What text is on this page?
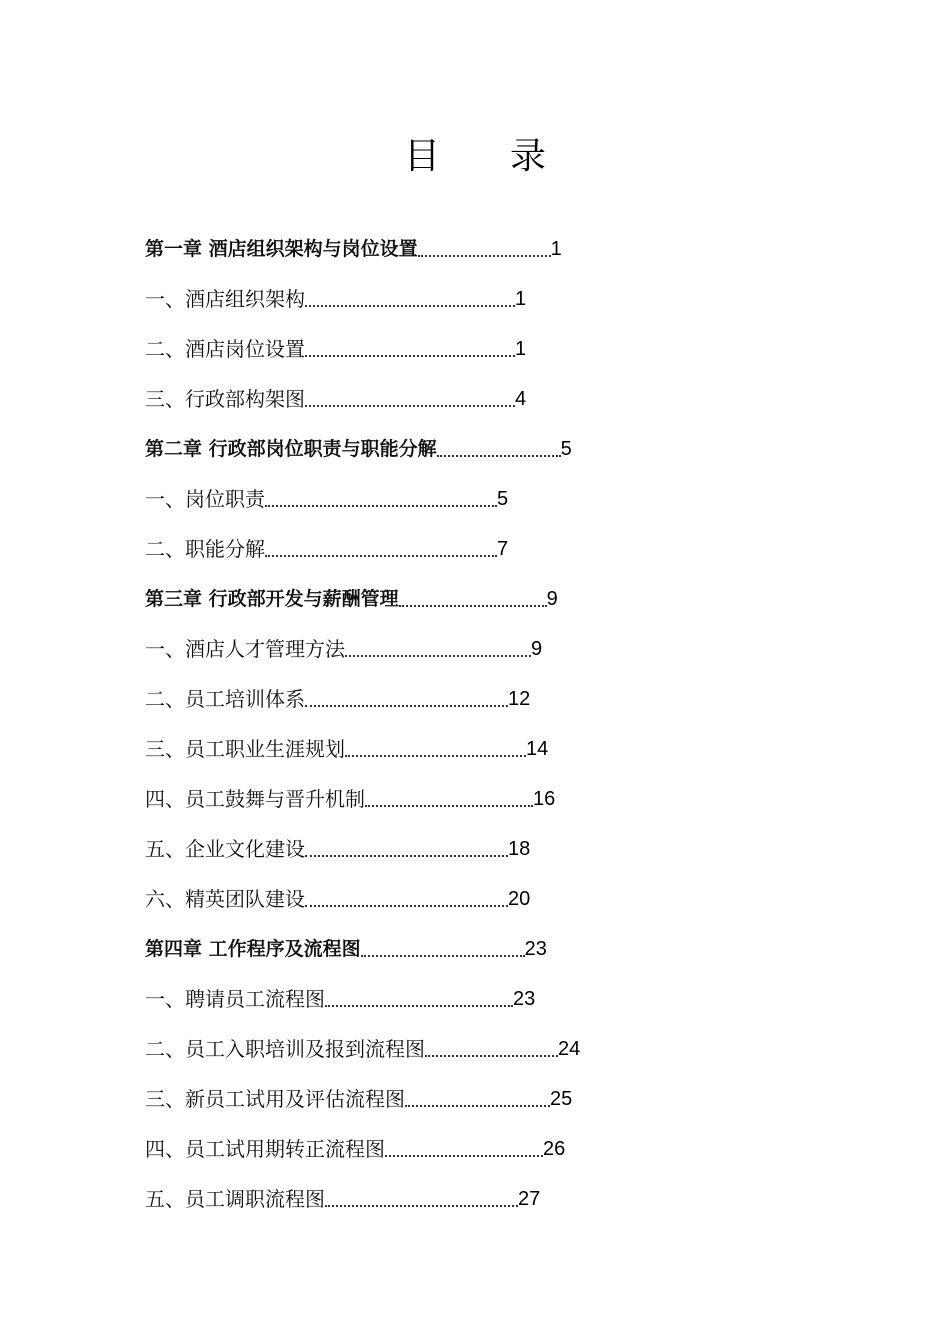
目 录
第一章 酒店组织架构与岗位设置	1
一、酒店组织架构	1
二、酒店岗位设置	1
三、行政部构架图	4
第二章 行政部岗位职责与职能分解	5
一、岗位职责	5
二、职能分解	7
第三章 行政部开发与薪酬管理	9
一、酒店人才管理方法	9
二、员工培训体系	12
三、员工职业生涯规划	14
四、员工鼓舞与晋升机制	16
五、企业文化建设	18
六、精英团队建设	20
第四章 工作程序及流程图	23
一、聘请员工流程图	23
二、员工入职培训及报到流程图	24
三、新员工试用及评估流程图	25
四、员工试用期转正流程图	26
五、员工调职流程图	27
